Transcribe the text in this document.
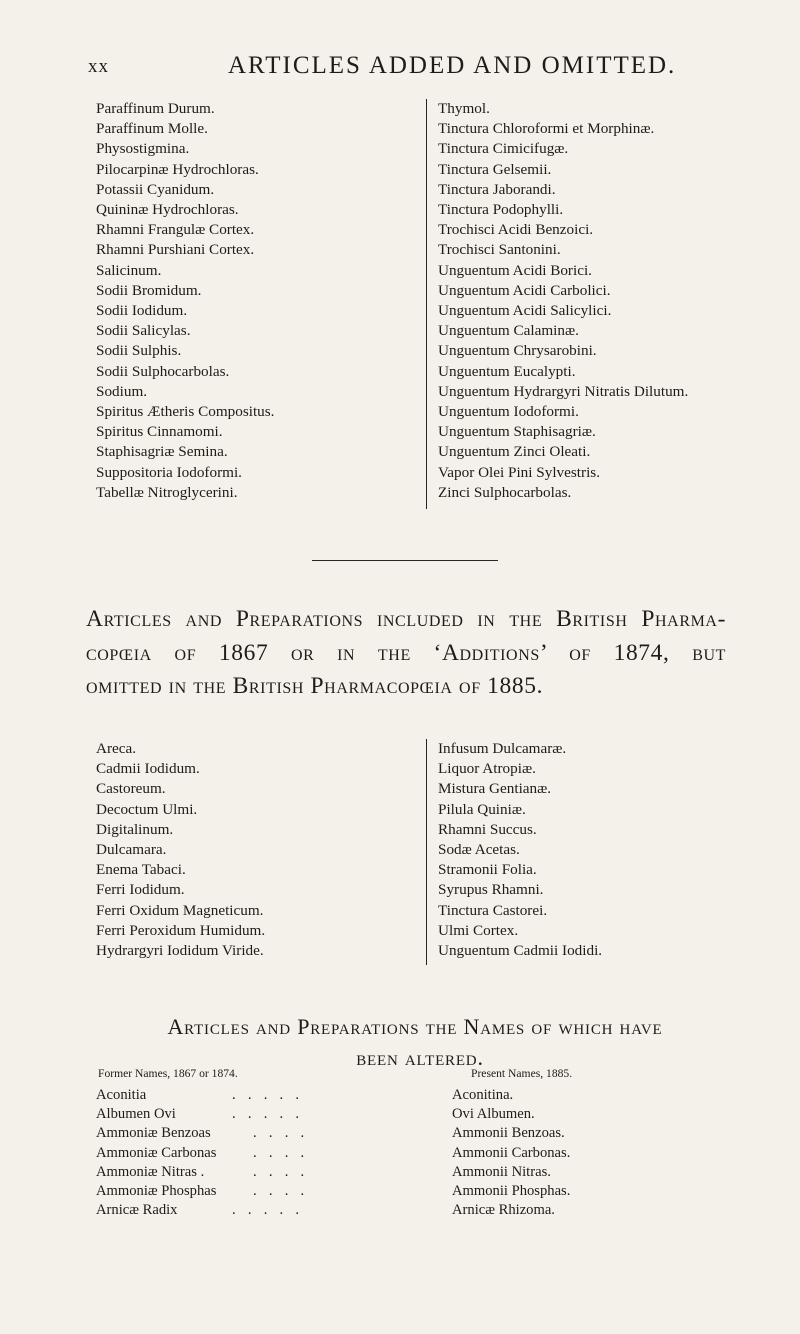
xx	ARTICLES ADDED AND OMITTED.
Paraffinum Durum.
Paraffinum Molle.
Physostigmina.
Pilocarpinæ Hydrochloras.
Potassii Cyanidum.
Quininæ Hydrochloras.
Rhamni Frangulæ Cortex.
Rhamni Purshiani Cortex.
Salicinum.
Sodii Bromidum.
Sodii Iodidum.
Sodii Salicylas.
Sodii Sulphis.
Sodii Sulphocarbolas.
Sodium.
Spiritus Ætheris Compositus.
Spiritus Cinnamomi.
Staphisagriæ Semina.
Suppositoria Iodoformi.
Tabellæ Nitroglycerini.
Thymol.
Tinctura Chloroformi et Morphinæ.
Tinctura Cimicifugæ.
Tinctura Gelsemii.
Tinctura Jaborandi.
Tinctura Podophylli.
Trochisci Acidi Benzoici.
Trochisci Santonini.
Unguentum Acidi Borici.
Unguentum Acidi Carbolici.
Unguentum Acidi Salicylici.
Unguentum Calaminæ.
Unguentum Chrysarobini.
Unguentum Eucalypti.
Unguentum Hydrargyri Nitratis Dilutum.
Unguentum Iodoformi.
Unguentum Staphisagriæ.
Unguentum Zinci Oleati.
Vapor Olei Pini Sylvestris.
Zinci Sulphocarbolas.
Articles and Preparations included in the British Pharma-
copœia of 1867 or in the ‘Additions’ of 1874, but
omitted in the British Pharmacopœia of 1885.
Areca.
Cadmii Iodidum.
Castoreum.
Decoctum Ulmi.
Digitalinum.
Dulcamara.
Enema Tabaci.
Ferri Iodidum.
Ferri Oxidum Magneticum.
Ferri Peroxidum Humidum.
Hydrargyri Iodidum Viride.
Infusum Dulcamaræ.
Liquor Atropiæ.
Mistura Gentianæ.
Pilula Quiniæ.
Rhamni Succus.
Sodæ Acetas.
Stramonii Folia.
Syrupus Rhamni.
Tinctura Castorei.
Ulmi Cortex.
Unguentum Cadmii Iodidi.
Articles and Preparations the Names of which have
been altered.
Former Names, 1867 or 1874.	Present Names, 1885.
Aconitia
Albumen Ovi
Ammoniæ Benzoas
Ammoniæ Carbonas
Ammoniæ Nitras .
Ammoniæ Phosphas
Arnicæ Radix
.....
.....
....
....
....
....
.....
Aconitina.
Ovi Albumen.
Ammonii Benzoas.
Ammonii Carbonas.
Ammonii Nitras.
Ammonii Phosphas.
Arnicæ Rhizoma.
